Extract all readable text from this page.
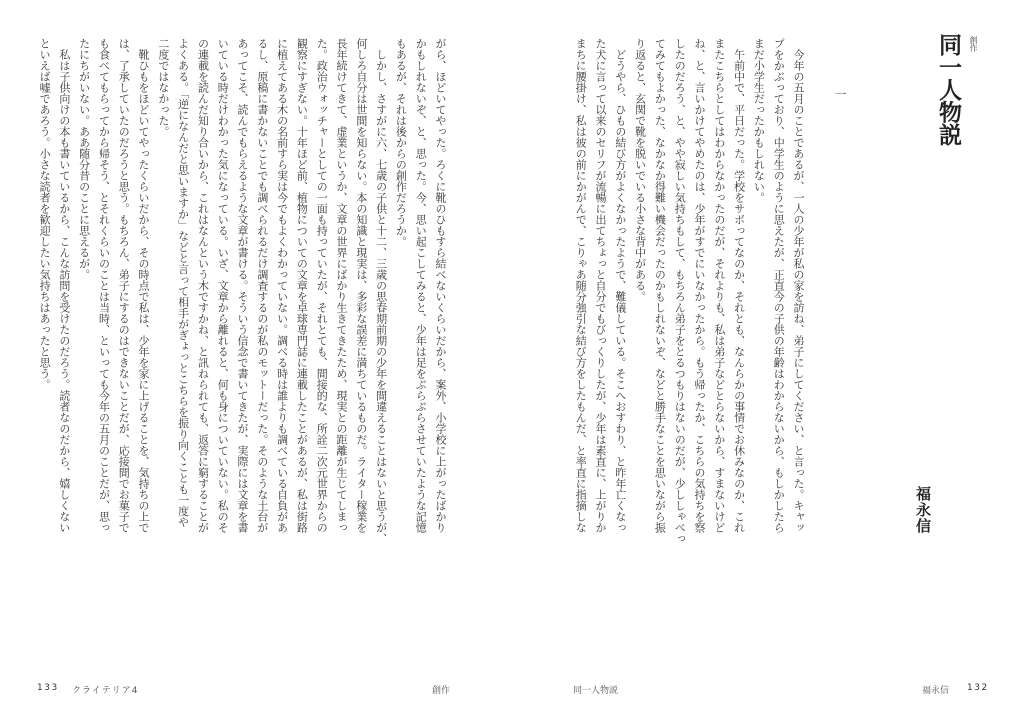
創作
同一人物説
一
福永信
今年の五月のことであるが、一人の少年が私の家を訪ね、弟子にしてください、と言った。キャッ
プをかぶっており、中学生のように思えたが、正直今の子供の年齢はわからないから、もしかしたら
まだ小学生だったかもしれない。
午前中で、平日だった。学校をサボってなのか、それとも、なんらかの事情でお休みなのか、これ
またこちらとしてはわからなかったのだが、それよりも、私は弟子などとらないから、すまないけど
ね、と、言いかけてやめたのは、少年がすでにいなかったから。もう帰ったか、こちらの気持ちを察
したのだろう、と、やや寂しい気持ちもして、もちろん弟子をとるつもりはないのだが、少ししゃべっ
てみてもよかった、なかなか得難い機会だったのかもしれないぞ、などと勝手なことを思いながら振
り返ると、玄関で靴を脱いでいる小さな背中がある。
どうやら、ひもの結び方がよくなかったようで、難儀している。そこへおすわり、と昨年亡くなっ
た犬に言って以来のセリフが流暢に出てちょっと自分でもびっくりしたが、少年は素直に、上がりか
まちに腰掛け、私は彼の前にかがんで、こりゃあ随分強引な結び方をしたもんだ、と率直に指摘しな
がら、ほどいてやった。ろくに靴のひもすら結べないくらいだから、案外、小学校に上がったばかり
かもしれないぞ、と、思った。今、思い起こしてみると、少年は足をぶらぶらさせていたような記憶
もあるが、それは後からの創作だろうか。
しかし、さすがに六、七歳の子供と十二、三歳の思春期前期の少年を間違えることはないと思うが、
何しろ自分は世間を知らない。本の知識と現実は、多彩な誤差に満ちているものだ。ライター稼業を
長年続けてきて、虚業というか、文章の世界にばかり生きてきたため、現実との距離が生じてしまっ
た。政治ウォッチャーとしての一面も持っていたが、それとても、間接的な、所詮二次元世界からの
観察にすぎない。十年ほど前、植物についての文章を卓球専門誌に連載したことがあるが、私は街路
に植えてある木の名前すら実は今でもよくわかっていない。調べる時は誰よりも調べている自負があ
るし、原稿に書かないことでも調べられるだけ調査するのが私のモットーだった。そのような土台が
あってこそ、読んでもらえるような文章が書ける。そういう信念で書いてきたが、実際には文章を書
いている時だけわかった気になっている。いざ、文章から離れると、何も身についていない。私のそ
の連載を読んだ知り合いから、これはなんという木ですかね、と訊ねられても、返答に窮することが
よくある。「逆になんだと思いますか」などと言って相手がぎょっとこちらを振り向くことも一度や
二度ではなかった。
靴ひもをほどいてやったくらいだから、その時点で私は、少年を家に上げることを、気持ちの上で
は、了承していたのだろうと思う。もちろん、弟子にするのはできないことだが、応接間でお菓子で
も食べてもらってから帰そう、とそれくらいのことは当時、といっても今年の五月のことだが、思っ
たにちがいない。ああ随分昔のことに思えるが。
私は子供向けの本も書いているから、こんな訪問を受けたのだろう。読者なのだから、嬉しくない
といえば嘘であろう。小さな読者を歓迎したい気持ちはあったと思う。
133 クライテリア4	創作	同一人物説	福永信 132
